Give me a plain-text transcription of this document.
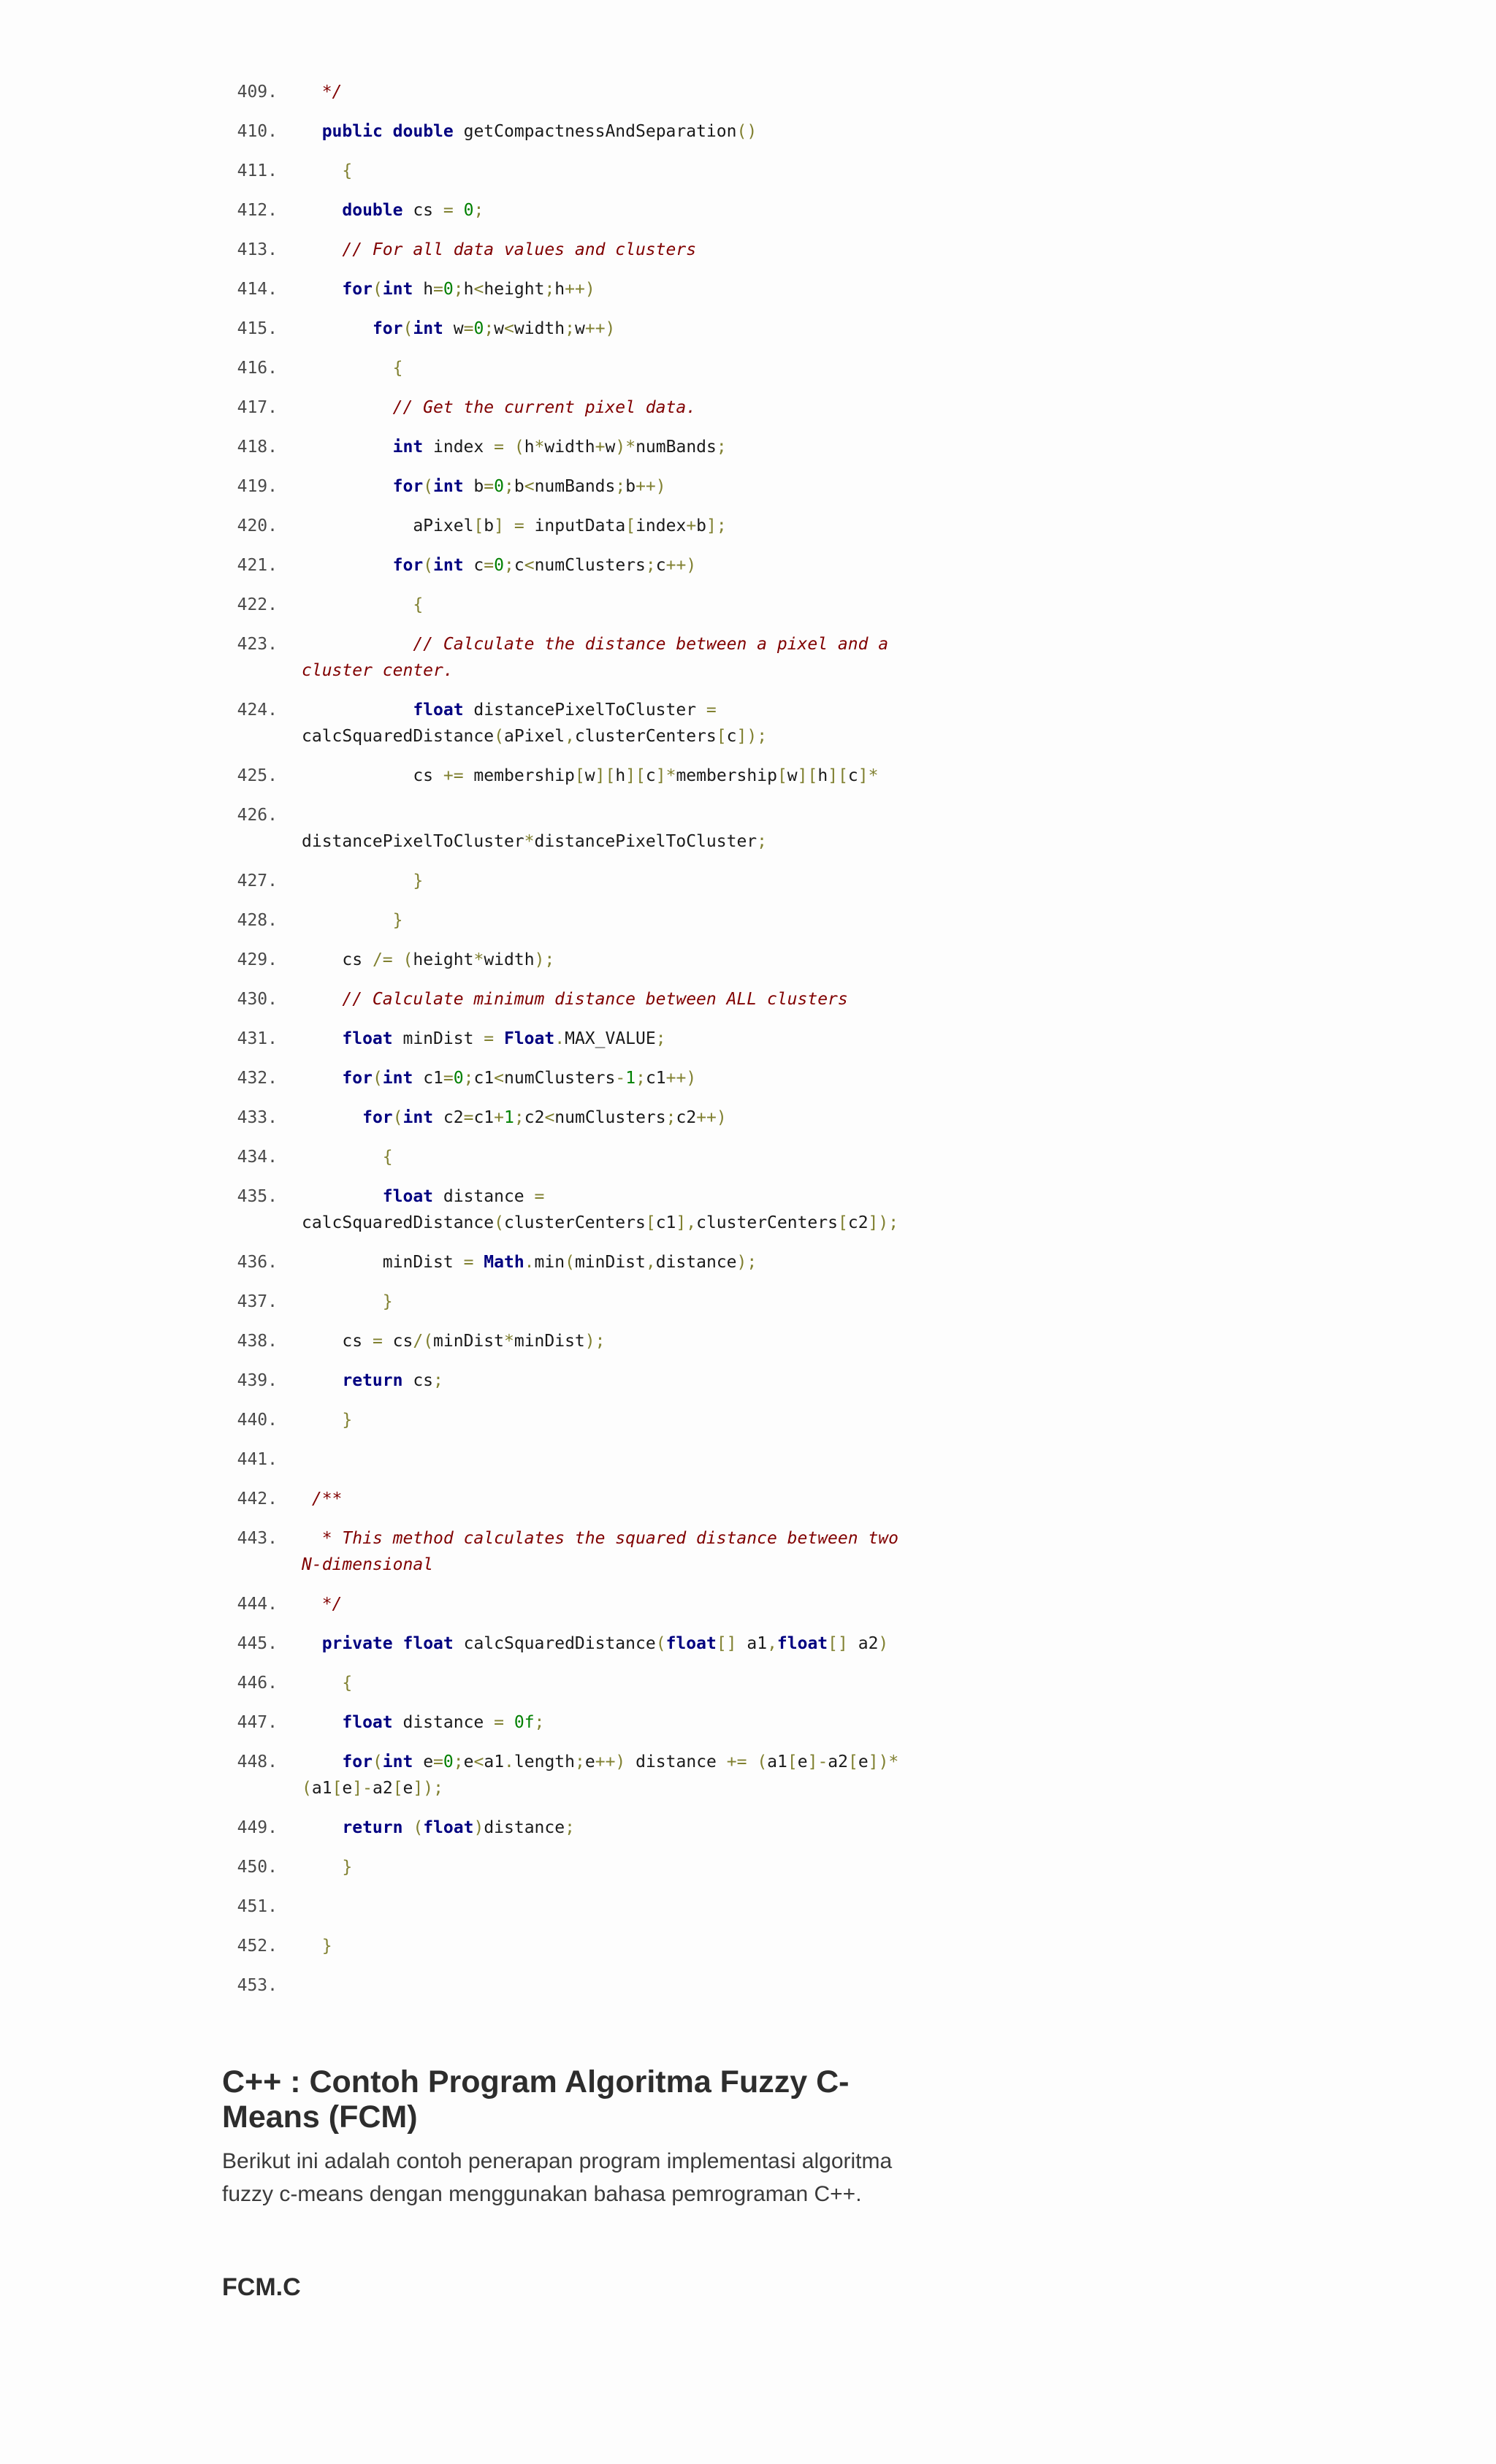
409. */
410.	public double getCompactnessAndSeparation()
411.	{
412.	double cs = 0;
413. // For all data values and clusters
414.	for(int h=0;h<height;h++)
415.	for(int w=0;w<width;w++)
416.	{
417. // Get the current pixel data.
418.	int index = (h*width+w)*numBands;
419.	for(int b=0;b<numBands;b++)
420. aPixel[b] = inputData[index+b];
421.	for(int c=0;c<numClusters;c++)
422.	{
423.	// Calculate the distance between a pixel and a
cluster center.
424.	float distancePixelToCluster =
calcSquaredDistance(aPixel,clusterCenters[c]);
425. cs += membership[w][h][c]*membership[w][h][c]*
426.

distancePixelToCluster*distancePixelToCluster;
427.	}
428.	}
429. cs /= (height*width);
430. // Calculate minimum distance between ALL clusters
431.	float minDist = Float.MAX_VALUE;
432.	for(int c1=0;c1<numClusters-1;c1++)
433.	for(int c2=c1+1;c2<numClusters;c2++)
434.	{
435.	float distance =
calcSquaredDistance(clusterCenters[c1],clusterCenters[c2]);
436. minDist = Math.min(minDist,distance);
437.	}
438. cs = cs/(minDist*minDist);
439.	return cs;
440.	}
441.
442. /**
443.	* This method calculates the squared distance between two
N-dimensional
444. */
445.	private float calcSquaredDistance(float[] a1,float[] a2)
446.	{
447.	float distance = 0f;
448.	for(int e=0;e<a1.length;e++) distance += (a1[e]-a2[e])*
(a1[e]-a2[e]);
449.	return (float)distance;
450.	}
451.
452.	}
453.
C++ : Contoh Program Algoritma Fuzzy C-Means (FCM)

Berikut ini adalah contoh penerapan program implementasi algoritma fuzzy c-means dengan menggunakan bahasa pemrograman C++.

FCM.C
